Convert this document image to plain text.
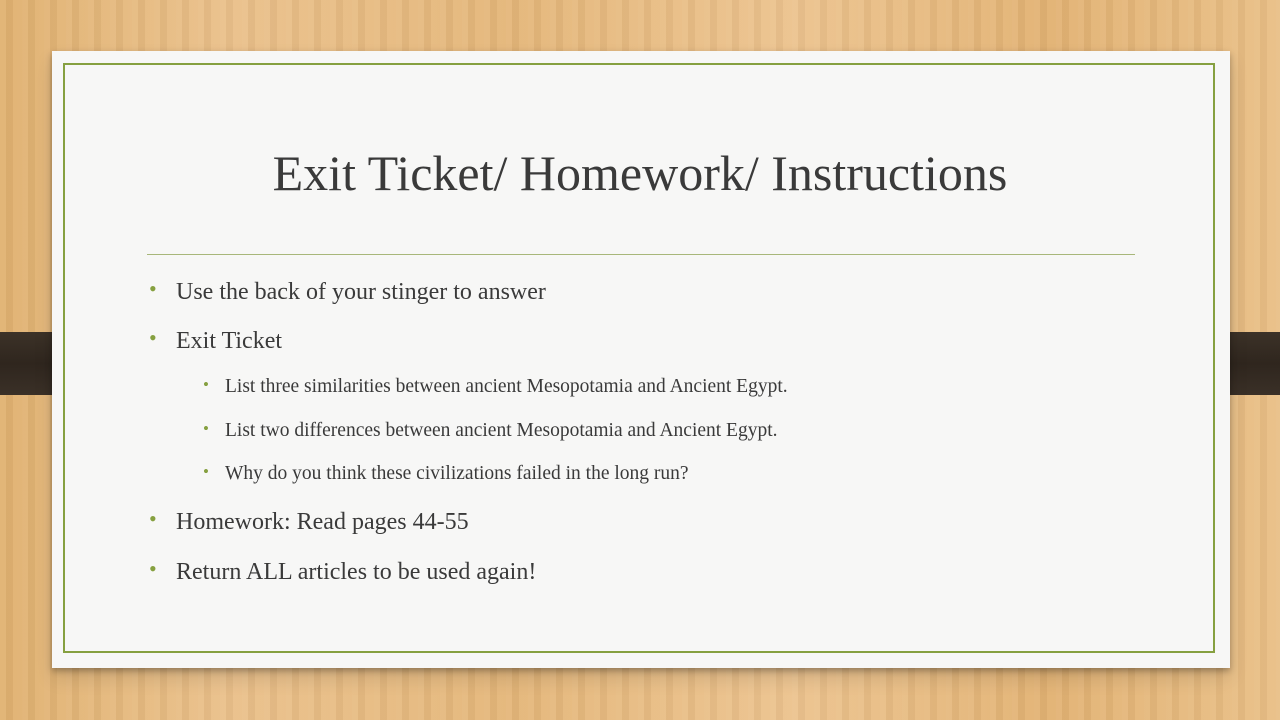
Exit Ticket/ Homework/ Instructions
• Use the back of your stinger to answer
• Exit Ticket
• List three similarities between ancient Mesopotamia and Ancient Egypt.
• List two differences between ancient Mesopotamia and Ancient Egypt.
• Why do you think these civilizations failed in the long run?
• Homework: Read pages 44-55
• Return ALL articles to be used again!
